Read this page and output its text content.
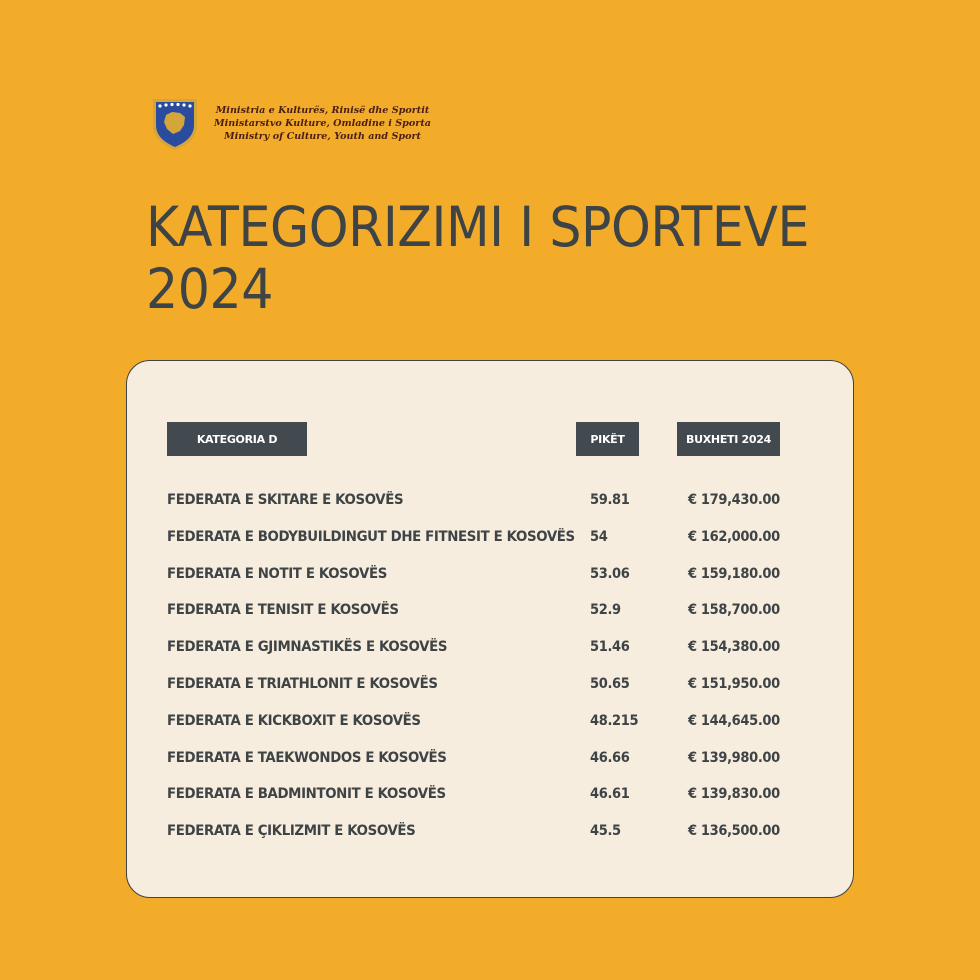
Ministria e Kulturës, Rinisë dhe Sportit
Ministarstvo Kulture, Omladine i Sporta
Ministry of Culture, Youth and Sport
KATEGORIZIMI I SPORTEVE
2024
KATEGORIA D	PIKËT	BUXHETI 2024
FEDERATA E SKITARE E KOSOVËS	59.81	€ 179,430.00
FEDERATA E BODYBUILDINGUT DHE FITNESIT E KOSOVËS 54	€ 162,000.00
FEDERATA E NOTIT E KOSOVËS	53.06	€ 159,180.00
FEDERATA E TENISIT E KOSOVËS	52.9	€ 158,700.00
FEDERATA E GJIMNASTIKËS E KOSOVËS	51.46	€ 154,380.00
FEDERATA E TRIATHLONIT E KOSOVËS	50.65	€ 151,950.00
FEDERATA E KICKBOXIT E KOSOVËS	48.215	€ 144,645.00
FEDERATA E TAEKWONDOS E KOSOVËS	46.66	€ 139,980.00
FEDERATA E BADMINTONIT E KOSOVËS	46.61	€ 139,830.00
FEDERATA E ÇIKLIZMIT E KOSOVËS	45.5	€ 136,500.00
